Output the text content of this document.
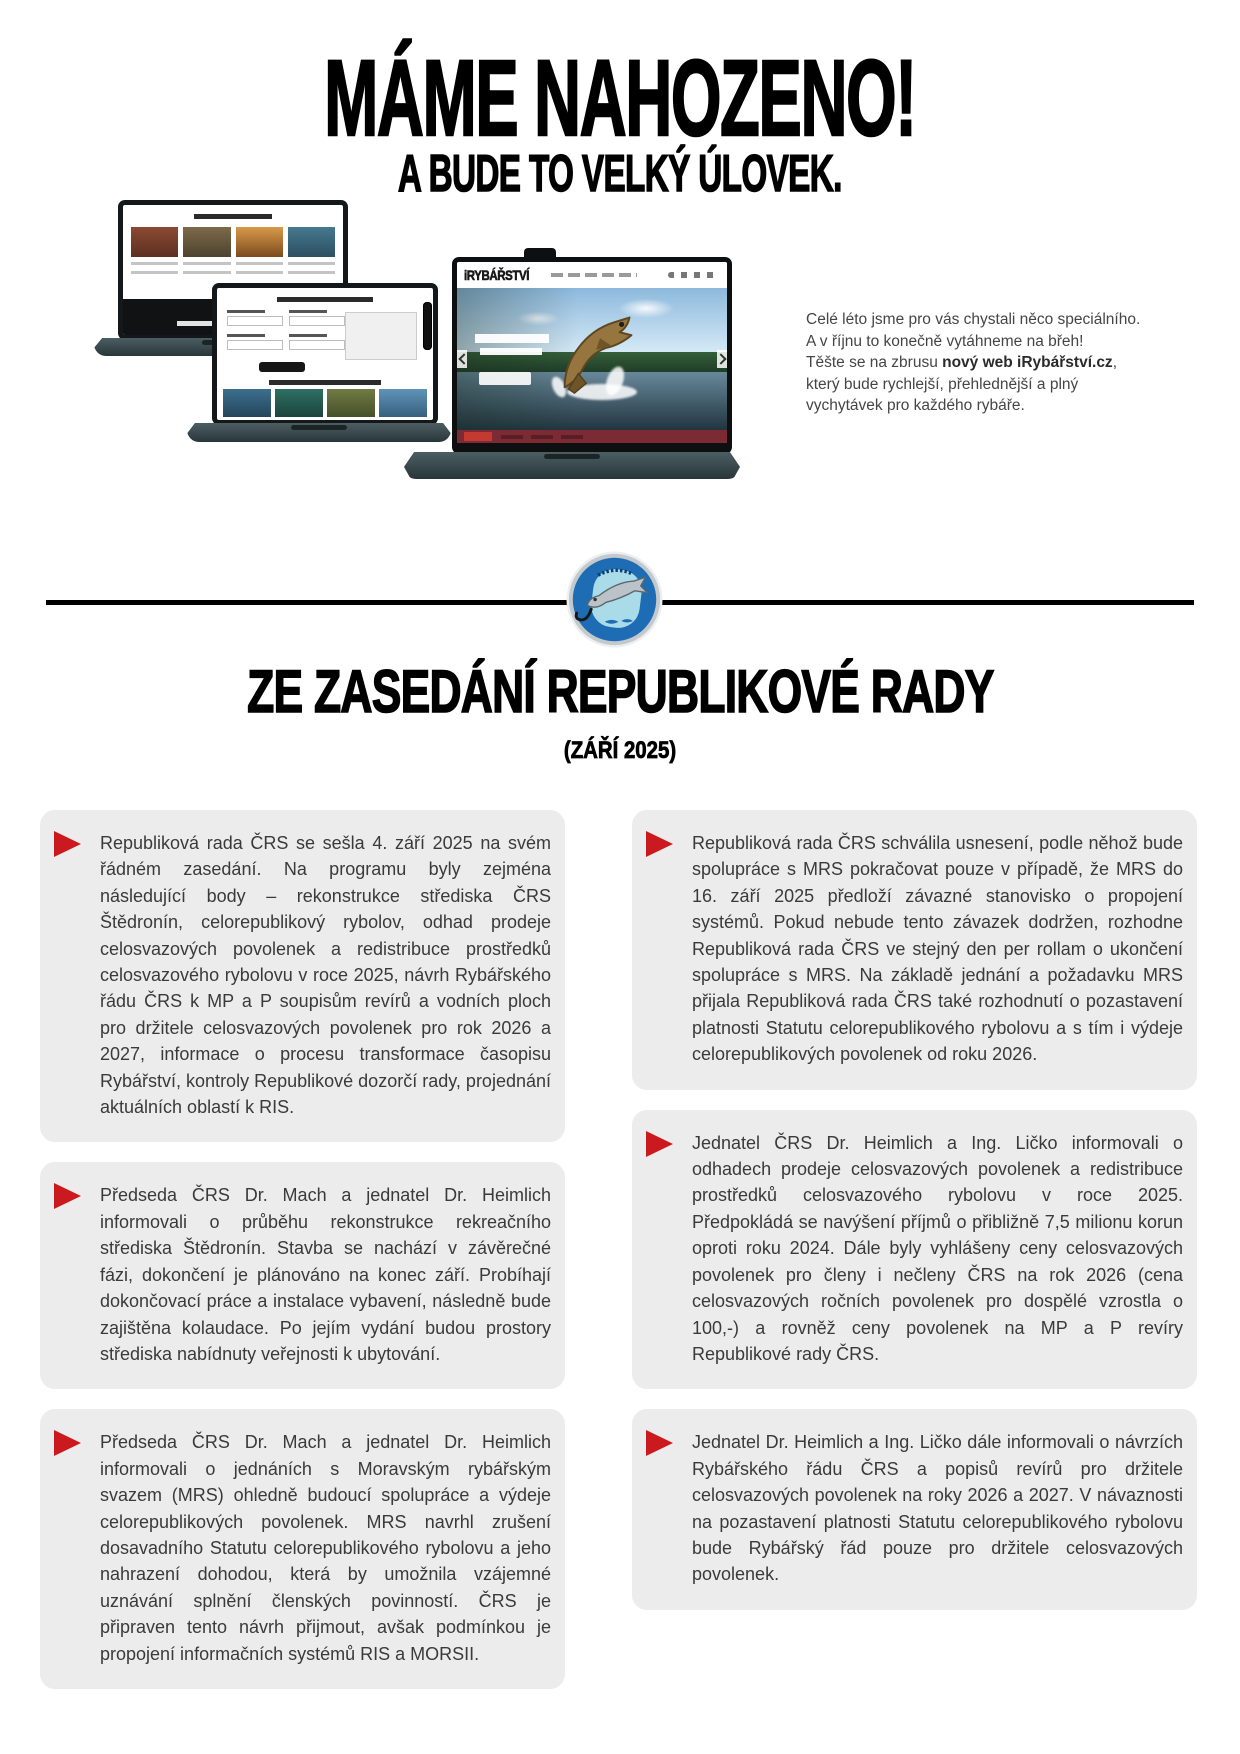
MÁME NAHOZENO!
A BUDE TO VELKÝ ÚLOVEK.
iRYBÁŘSTVÍ
Celé léto jsme pro vás chystali něco speciálního.
A v říjnu to konečně vytáhneme na břeh!
Těšte se na zbrusu nový web iRybářství.cz,
který bude rychlejší, přehlednější a plný
vychytávek pro každého rybáře.
ZE ZASEDÁNÍ REPUBLIKOVÉ RADY
(ZÁŘÍ 2025)

Republiková rada ČRS se sešla 4. září 2025 na svém řádném zasedání. Na programu byly zejména následující body – rekonstrukce střediska ČRS Štědronín, celorepublikový rybolov, odhad prodeje celosvazových povolenek a redistribuce prostředků celosvazového rybolovu v roce 2025, návrh Rybářského řádu ČRS k MP a P soupisům revírů a vodních ploch pro držitele celosvazových povolenek pro rok 2026 a 2027, informace o procesu transformace časopisu Rybářství, kontroly Republikové dozorčí rady, projednání aktuálních oblastí k RIS.

Předseda ČRS Dr. Mach a jednatel Dr. Heimlich informovali o průběhu rekonstrukce rekreačního střediska Štědronín. Stavba se nachází v závěrečné fázi, dokončení je plánováno na konec září. Probíhají dokončovací práce a instalace vybavení, následně bude zajištěna kolaudace. Po jejím vydání budou prostory střediska nabídnuty veřejnosti k ubytování.

Předseda ČRS Dr. Mach a jednatel Dr. Heimlich informovali o jednáních s Moravským rybářským svazem (MRS) ohledně budoucí spolupráce a výdeje celorepublikových povolenek. MRS navrhl zrušení dosavadního Statutu celorepublikového rybolovu a jeho nahrazení dohodou, která by umožnila vzájemné uznávání splnění členských povinností. ČRS je připraven tento návrh přijmout, avšak podmínkou je propojení informačních systémů RIS a MORSII.

Republiková rada ČRS schválila usnesení, podle něhož bude spolupráce s MRS pokračovat pouze v případě, že MRS do 16. září 2025 předloží závazné stanovisko o propojení systémů. Pokud nebude tento závazek dodržen, rozhodne Republiková rada ČRS ve stejný den per rollam o ukončení spolupráce s MRS. Na základě jednání a požadavku MRS přijala Republiková rada ČRS také rozhodnutí o pozastavení platnosti Statutu celorepublikového rybolovu a s tím i výdeje celorepublikových povolenek od roku 2026.

Jednatel ČRS Dr. Heimlich a Ing. Ličko informovali o odhadech prodeje celosvazových povolenek a redistribuce prostředků celosvazového rybolovu v roce 2025. Předpokládá se navýšení příjmů o přibližně 7,5 milionu korun oproti roku 2024. Dále byly vyhlášeny ceny celosvazových povolenek pro členy i nečleny ČRS na rok 2026 (cena celosvazových ročních povolenek pro dospělé vzrostla o 100,-) a rovněž ceny povolenek na MP a P revíry Republikové rady ČRS.

Jednatel Dr. Heimlich a Ing. Ličko dále informovali o návrzích Rybářského řádu ČRS a popisů revírů pro držitele celosvazových povolenek na roky 2026 a 2027. V návaznosti na pozastavení platnosti Statutu celorepublikového rybolovu bude Rybářský řád pouze pro držitele celosvazových povolenek.
